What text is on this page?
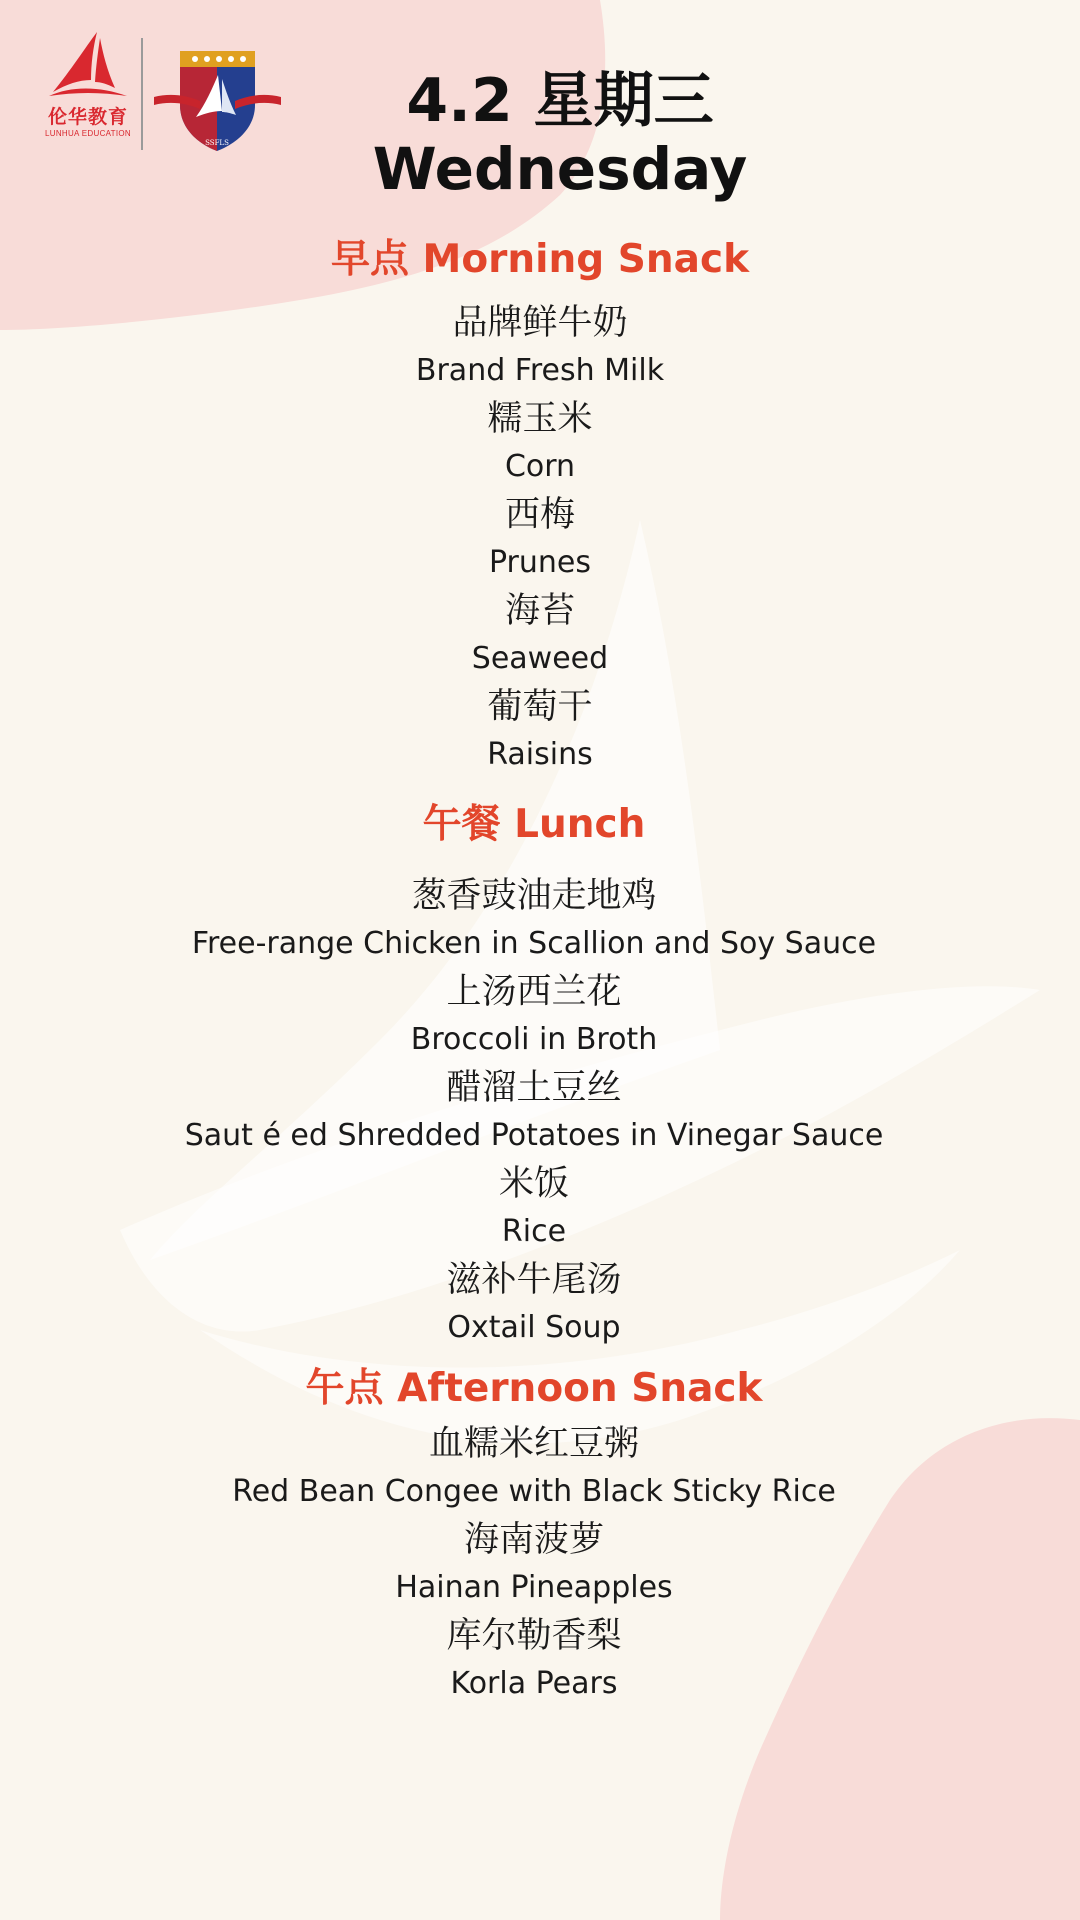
伦华教育
LUNHUA EDUCATION
SSFLS
4.2 星期三
Wednesday
早点 Morning Snack
品牌鲜牛奶
Brand Fresh Milk
糯玉米
Corn
西梅
Prunes
海苔
Seaweed
葡萄干
Raisins
午餐 Lunch
葱香豉油走地鸡
Free-range Chicken in Scallion and Soy Sauce
上汤西兰花
Broccoli in Broth
醋溜土豆丝
Saut é ed Shredded Potatoes in Vinegar Sauce
米饭
Rice
滋补牛尾汤
Oxtail Soup
午点 Afternoon Snack
血糯米红豆粥
Red Bean Congee with Black Sticky Rice
海南菠萝
Hainan Pineapples
库尔勒香梨
Korla Pears
